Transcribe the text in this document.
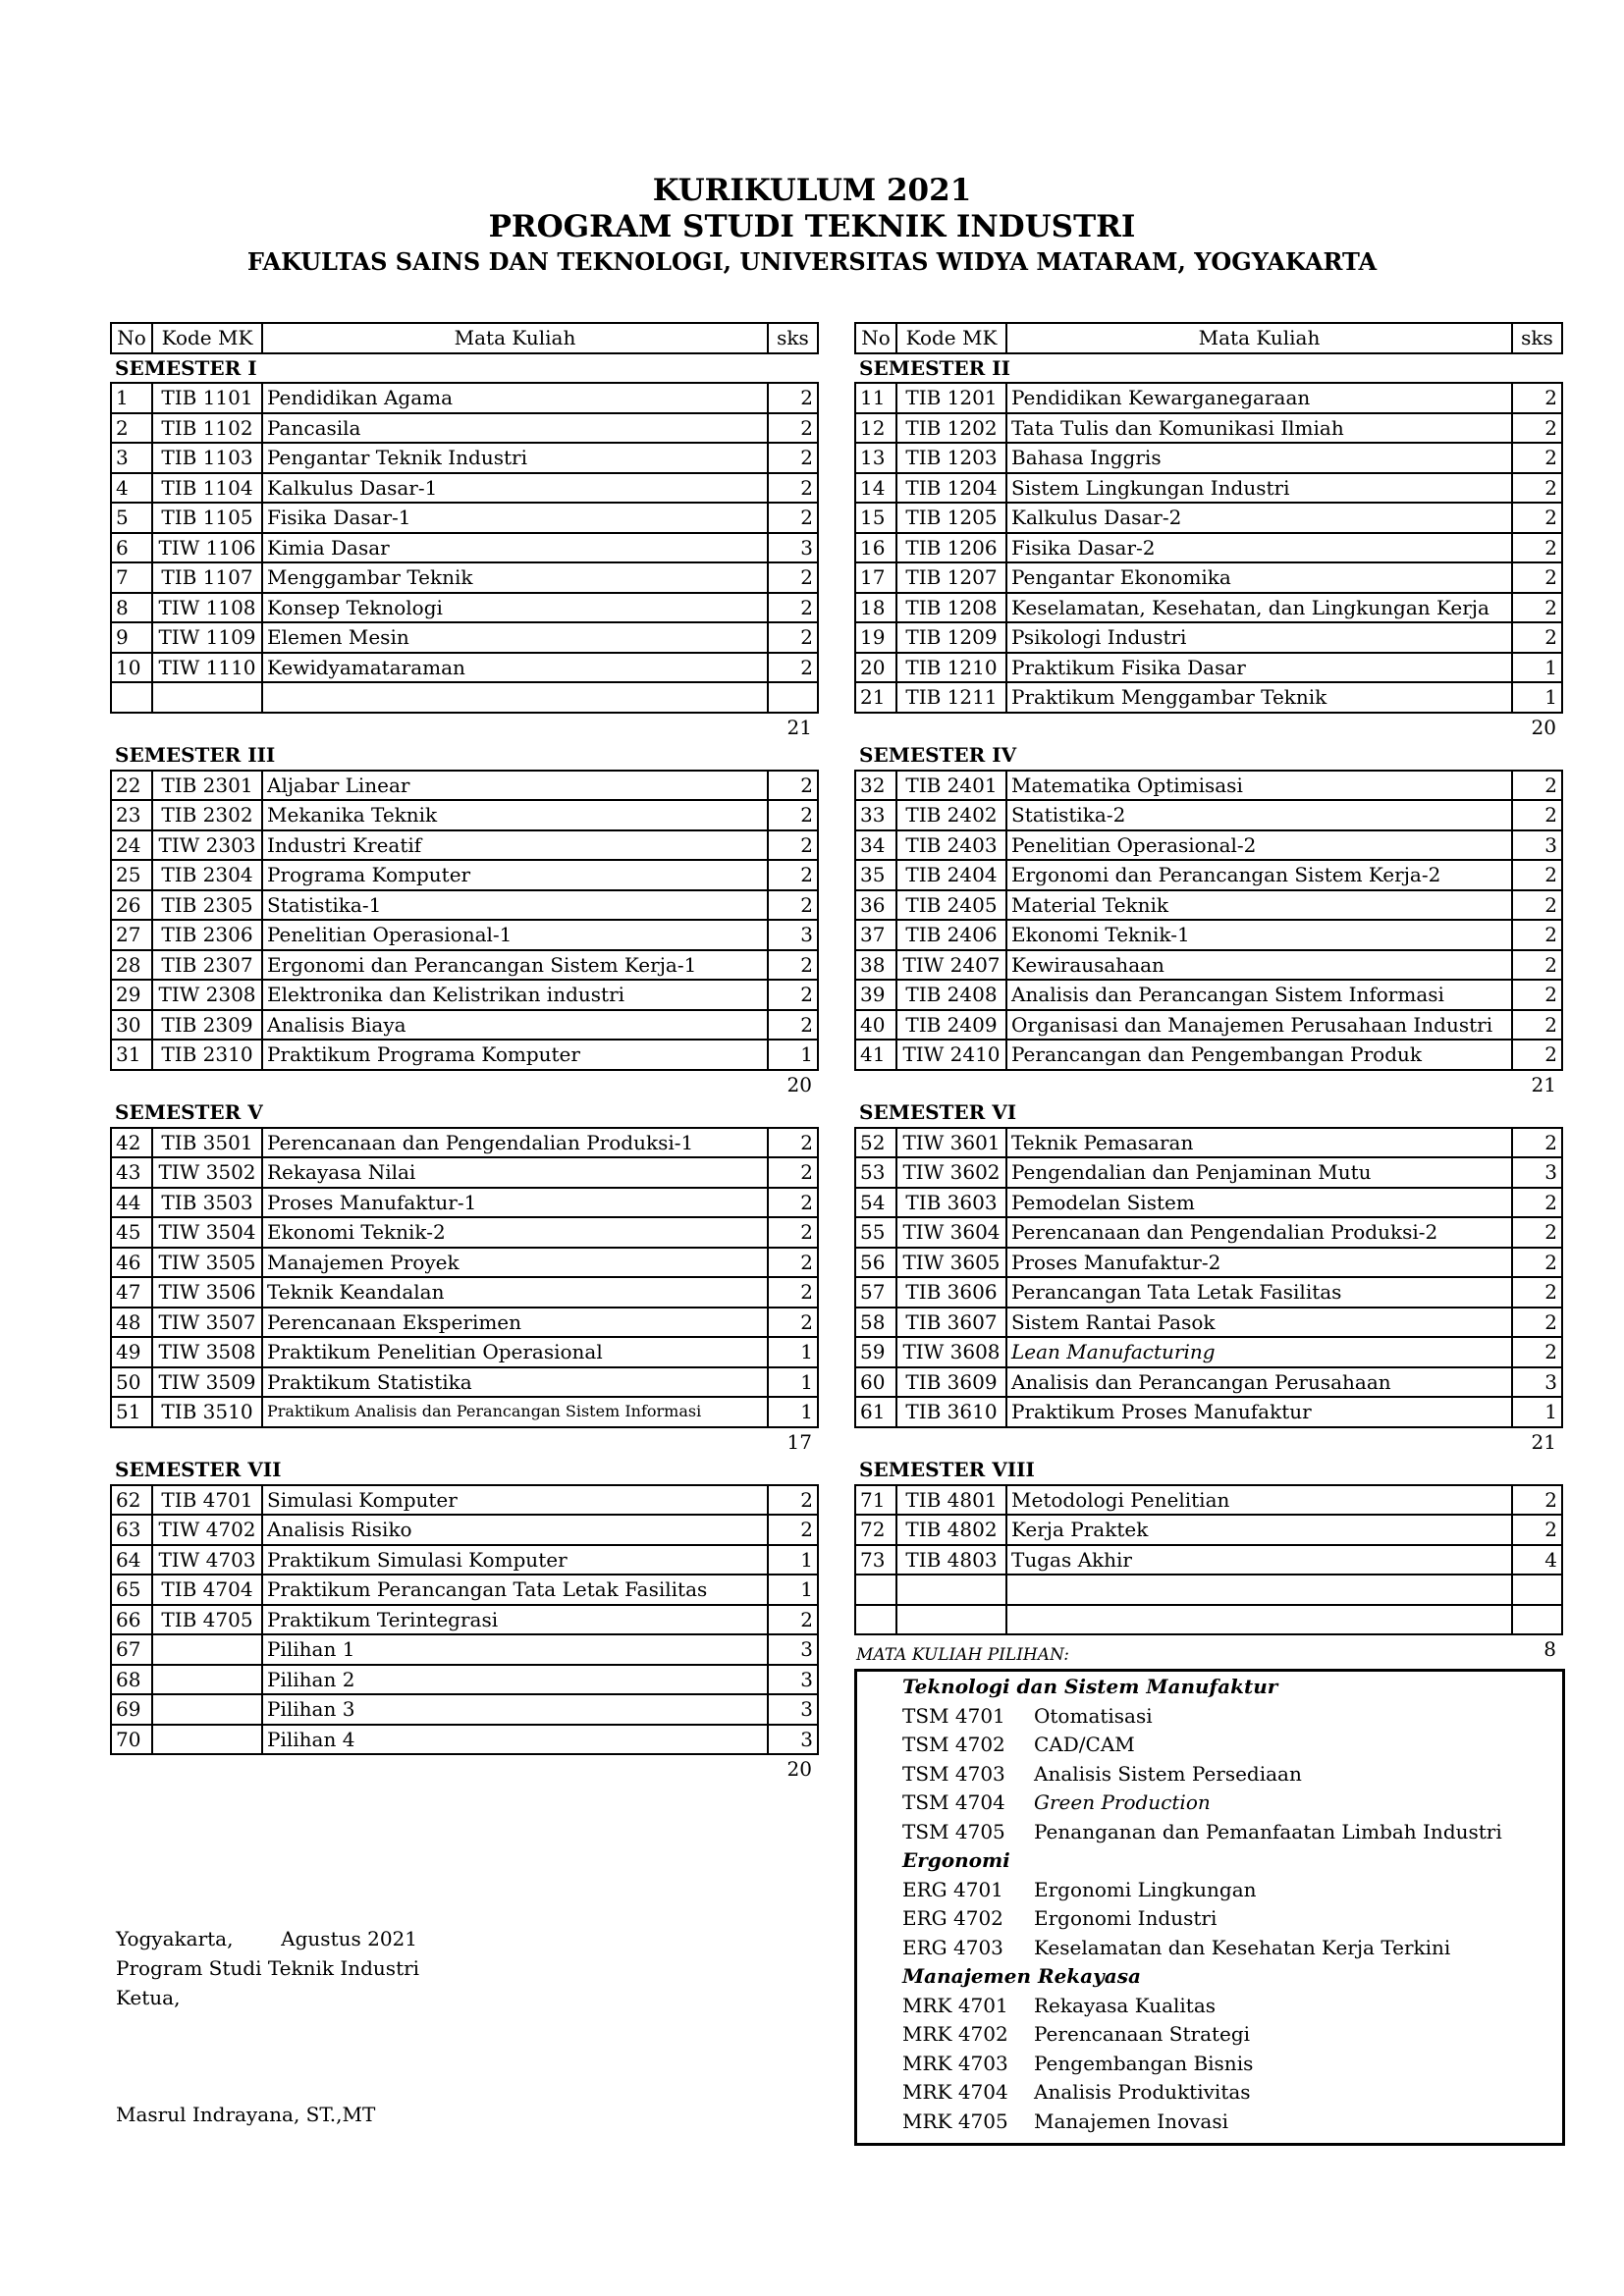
KURIKULUM 2021
PROGRAM STUDI TEKNIK INDUSTRI
FAKULTAS SAINS DAN TEKNOLOGI, UNIVERSITAS WIDYA MATARAM, YOGYAKARTA
No	Kode MK	Mata Kuliah	sks
SEMESTER I			
1	TIB 1101	Pendidikan Agama	2
2	TIB 1102	Pancasila	2
3	TIB 1103	Pengantar Teknik Industri	2
4	TIB 1104	Kalkulus Dasar-1	2
5	TIB 1105	Fisika Dasar-1	2
6	TIW 1106	Kimia Dasar	3
7	TIB 1107	Menggambar Teknik	2
8	TIW 1108	Konsep Teknologi	2
9	TIW 1109	Elemen Mesin	2
10	TIW 1110	Kewidyamataraman	2

			21
SEMESTER III			
22	TIB 2301	Aljabar Linear	2
23	TIB 2302	Mekanika Teknik	2
24	TIW 2303	Industri Kreatif	2
25	TIB 2304	Programa Komputer	2
26	TIB 2305	Statistika-1	2
27	TIB 2306	Penelitian Operasional-1	3
28	TIB 2307	Ergonomi dan Perancangan Sistem Kerja-1	2
29	TIW 2308	Elektronika dan Kelistrikan industri	2
30	TIB 2309	Analisis Biaya	2
31	TIB 2310	Praktikum Programa Komputer	1
			20
SEMESTER V			
42	TIB 3501	Perencanaan dan Pengendalian Produksi-1	2
43	TIW 3502	Rekayasa Nilai	2
44	TIB 3503	Proses Manufaktur-1	2
45	TIW 3504	Ekonomi Teknik-2	2
46	TIW 3505	Manajemen Proyek	2
47	TIW 3506	Teknik Keandalan	2
48	TIW 3507	Perencanaan Eksperimen	2
49	TIW 3508	Praktikum Penelitian Operasional	1
50	TIW 3509	Praktikum Statistika	1
51	TIB 3510	Praktikum Analisis dan Perancangan Sistem Informasi	1
			17
SEMESTER VII			
62	TIB 4701	Simulasi Komputer	2
63	TIW 4702	Analisis Risiko	2
64	TIW 4703	Praktikum Simulasi Komputer	1
65	TIB 4704	Praktikum Perancangan Tata Letak Fasilitas	1
66	TIB 4705	Praktikum Terintegrasi	2
67		Pilihan 1	3
68		Pilihan 2	3
69		Pilihan 3	3
70		Pilihan 4	3
			20
No	Kode MK	Mata Kuliah	sks
SEMESTER II			
11	TIB 1201	Pendidikan Kewarganegaraan	2
12	TIB 1202	Tata Tulis dan Komunikasi Ilmiah	2
13	TIB 1203	Bahasa Inggris	2
14	TIB 1204	Sistem Lingkungan Industri	2
15	TIB 1205	Kalkulus Dasar-2	2
16	TIB 1206	Fisika Dasar-2	2
17	TIB 1207	Pengantar Ekonomika	2
18	TIB 1208	Keselamatan, Kesehatan, dan Lingkungan Kerja	2
19	TIB 1209	Psikologi Industri	2
20	TIB 1210	Praktikum Fisika Dasar	1
21	TIB 1211	Praktikum Menggambar Teknik	1
			20
SEMESTER IV			
32	TIB 2401	Matematika Optimisasi	2
33	TIB 2402	Statistika-2	2
34	TIB 2403	Penelitian Operasional-2	3
35	TIB 2404	Ergonomi dan Perancangan Sistem Kerja-2	2
36	TIB 2405	Material Teknik	2
37	TIB 2406	Ekonomi Teknik-1	2
38	TIW 2407	Kewirausahaan	2
39	TIB 2408	Analisis dan Perancangan Sistem Informasi	2
40	TIB 2409	Organisasi dan Manajemen Perusahaan Industri	2
41	TIW 2410	Perancangan dan Pengembangan Produk	2
			21
SEMESTER VI			
52	TIW 3601	Teknik Pemasaran	2
53	TIW 3602	Pengendalian dan Penjaminan Mutu	3
54	TIB 3603	Pemodelan Sistem	2
55	TIW 3604	Perencanaan dan Pengendalian Produksi-2	2
56	TIW 3605	Proses Manufaktur-2	2
57	TIB 3606	Perancangan Tata Letak Fasilitas	2
58	TIB 3607	Sistem Rantai Pasok	2
59	TIW 3608	Lean Manufacturing	2
60	TIB 3609	Analisis dan Perancangan Perusahaan	3
61	TIB 3610	Praktikum Proses Manufaktur	1
			21
SEMESTER VIII			
71	TIB 4801	Metodologi Penelitian	2
72	TIB 4802	Kerja Praktek	2
73	TIB 4803	Tugas Akhir	4

			8
MATA KULIAH PILIHAN:
Teknologi dan Sistem Manufaktur
TSM 4701 Otomatisasi
TSM 4702 CAD/CAM
TSM 4703 Analisis Sistem Persediaan
TSM 4704 Green Production
TSM 4705 Penanganan dan Pemanfaatan Limbah Industri
Ergonomi
ERG 4701 Ergonomi Lingkungan
ERG 4702 Ergonomi Industri
ERG 4703 Keselamatan dan Kesehatan Kerja Terkini
Manajemen Rekayasa
MRK 4701 Rekayasa Kualitas
MRK 4702 Perencanaan Strategi
MRK 4703 Pengembangan Bisnis
MRK 4704 Analisis Produktivitas
MRK 4705 Manajemen Inovasi
Yogyakarta, Agustus 2021
Program Studi Teknik Industri
Ketua,
Masrul Indrayana, ST.,MT
